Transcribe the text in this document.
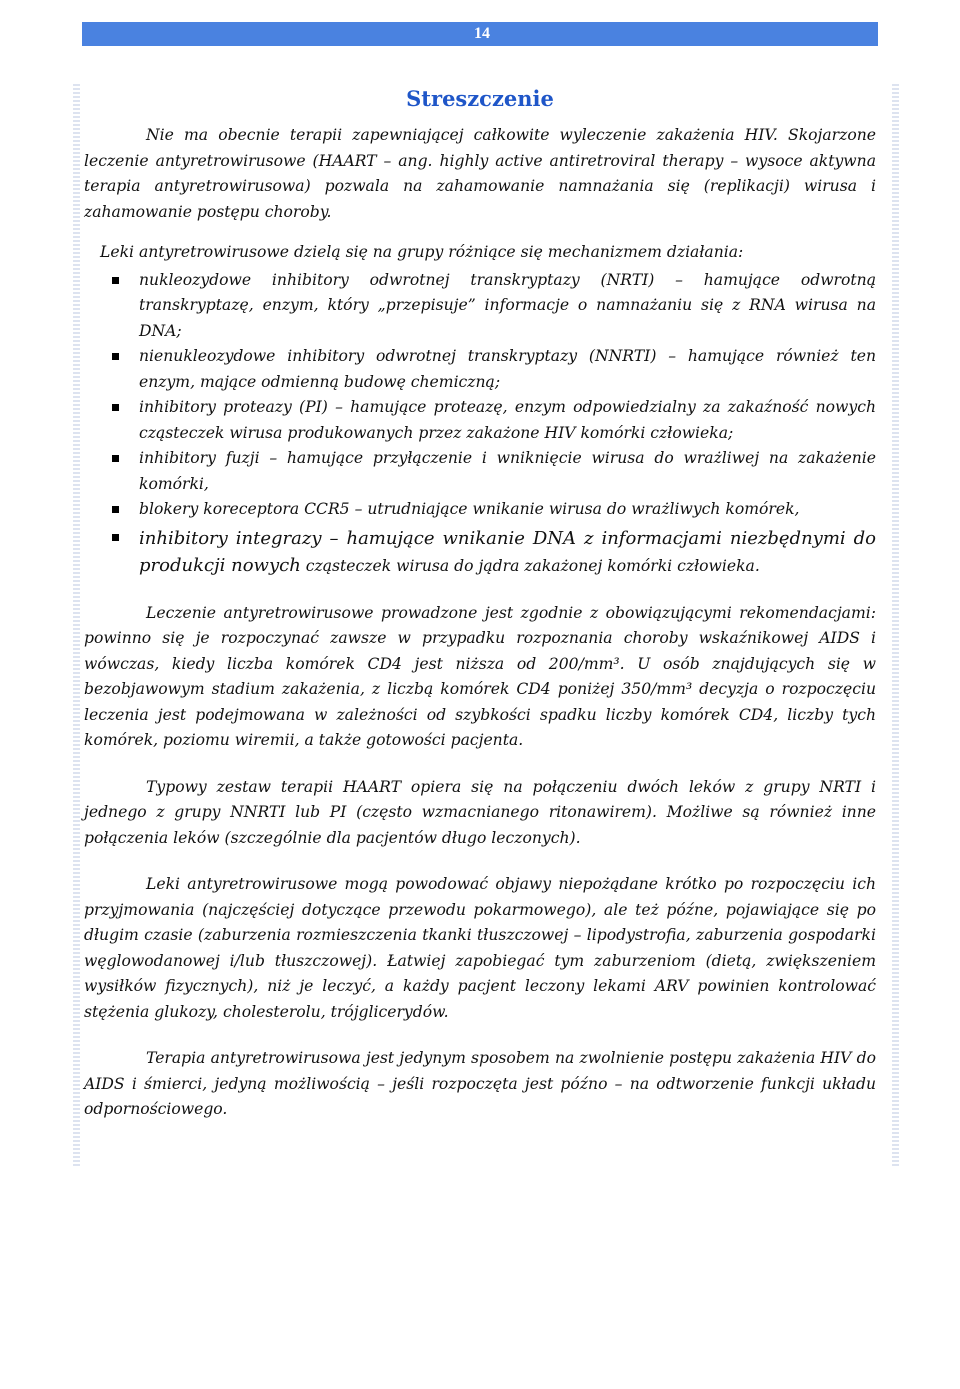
14
Streszczenie

Nie ma obecnie terapii zapewniającej całkowite wyleczenie zakażenia HIV. Skojarzone leczenie antyretrowirusowe (HAART – ang. highly active antiretroviral therapy – wysoce aktywna terapia antyretrowirusowa) pozwala na zahamowanie namnażania się (replikacji) wirusa i zahamowanie postępu choroby.

Leki antyretrowirusowe dzielą się na grupy różniące się mechanizmem działania:

nukleozydowe inhibitory odwrotnej transkryptazy (NRTI) – hamujące odwrotną transkryptazę, enzym, który „przepisuje” informacje o namnażaniu się z RNA wirusa na DNA;
nienukleozydowe inhibitory odwrotnej transkryptazy (NNRTI) – hamujące również ten enzym, mające odmienną budowę chemiczną;
inhibitory proteazy (PI) – hamujące proteazę, enzym odpowiedzialny za zakaźność nowych cząsteczek wirusa produkowanych przez zakażone HIV komórki człowieka;
inhibitory fuzji – hamujące przyłączenie i wniknięcie wirusa do wrażliwej na zakażenie komórki,
blokery koreceptora CCR5 – utrudniające wnikanie wirusa do wrażliwych komórek,
inhibitory integrazy – hamujące wnikanie DNA z informacjami niezbędnymi do produkcji nowych cząsteczek wirusa do jądra zakażonej komórki człowieka.

Leczenie antyretrowirusowe prowadzone jest zgodnie z obowiązującymi rekomendacjami: powinno się je rozpoczynać zawsze w przypadku rozpoznania choroby wskaźnikowej AIDS i wówczas, kiedy liczba komórek CD4 jest niższa od 200/mm³. U osób znajdujących się w bezobjawowym stadium zakażenia, z liczbą komórek CD4 poniżej 350/mm³ decyzja o rozpoczęciu leczenia jest podejmowana w zależności od szybkości spadku liczby komórek CD4, liczby tych komórek, poziomu wiremii, a także gotowości pacjenta.

Typowy zestaw terapii HAART opiera się na połączeniu dwóch leków z grupy NRTI i jednego z grupy NNRTI lub PI (często wzmacnianego ritonawirem). Możliwe są również inne połączenia leków (szczególnie dla pacjentów długo leczonych).

Leki antyretrowirusowe mogą powodować objawy niepożądane krótko po rozpoczęciu ich przyjmowania (najczęściej dotyczące przewodu pokarmowego), ale też późne, pojawiające się po długim czasie (zaburzenia rozmieszczenia tkanki tłuszczowej – lipodystrofia, zaburzenia gospodarki węglowodanowej i/lub tłuszczowej). Łatwiej zapobiegać tym zaburzeniom (dietą, zwiększeniem wysiłków fizycznych), niż je leczyć, a każdy pacjent leczony lekami ARV powinien kontrolować stężenia glukozy, cholesterolu, trójglicerydów.

Terapia antyretrowirusowa jest jedynym sposobem na zwolnienie postępu zakażenia HIV do AIDS i śmierci, jedyną możliwością – jeśli rozpoczęta jest późno – na odtworzenie funkcji układu odpornościowego.
